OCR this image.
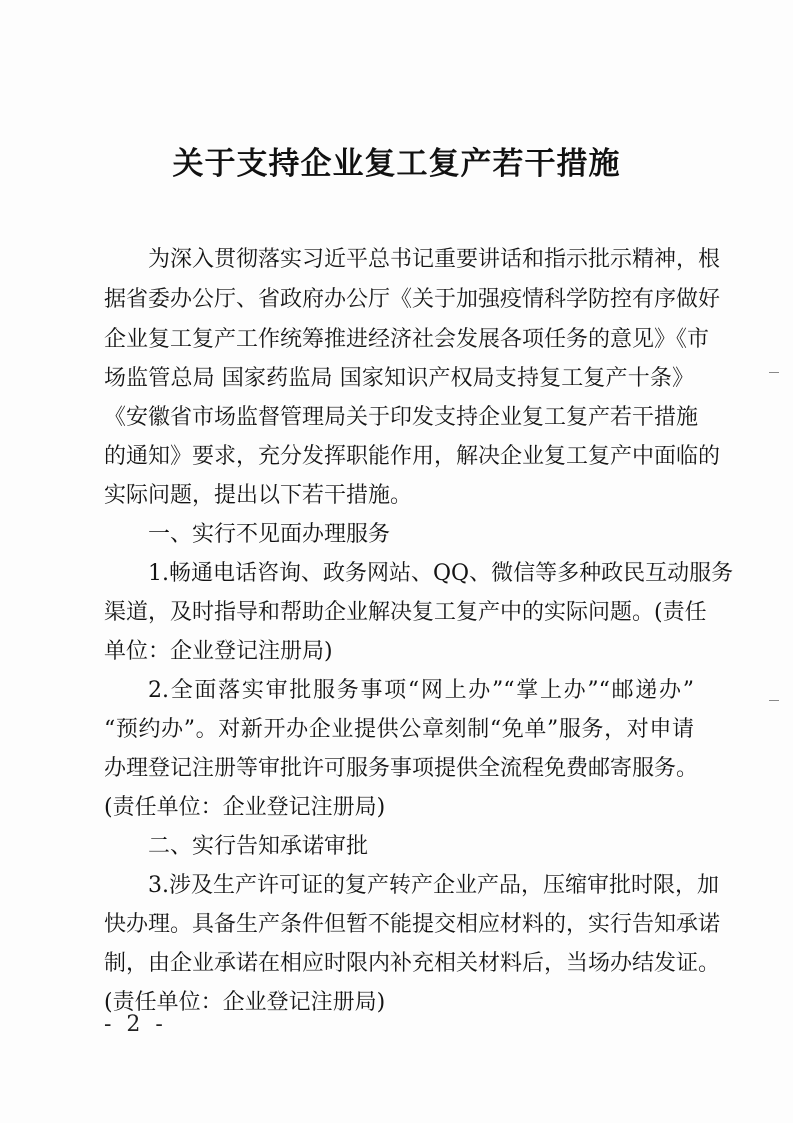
关于支持企业复工复产若干措施
为深入贯彻落实习近平总书记重要讲话和指示批示精神，根
据省委办公厅、省政府办公厅《关于加强疫情科学防控有序做好
企业复工复产工作统筹推进经济社会发展各项任务的意见》《市
场监管总局 国家药监局 国家知识产权局支持复工复产十条》
《安徽省市场监督管理局关于印发支持企业复工复产若干措施
的通知》要求，充分发挥职能作用，解决企业复工复产中面临的
实际问题，提出以下若干措施。
一、实行不见面办理服务
1.畅通电话咨询、政务网站、QQ、微信等多种政民互动服务
渠道，及时指导和帮助企业解决复工复产中的实际问题。(责任
单位：企业登记注册局)
2.全面落实审批服务事项“网上办”“掌上办”“邮递办”
“预约办”。对新开办企业提供公章刻制“免单”服务，对申请
办理登记注册等审批许可服务事项提供全流程免费邮寄服务。
(责任单位：企业登记注册局)
二、实行告知承诺审批
3.涉及生产许可证的复产转产企业产品，压缩审批时限，加
快办理。具备生产条件但暂不能提交相应材料的，实行告知承诺
制，由企业承诺在相应时限内补充相关材料后，当场办结发证。
(责任单位：企业登记注册局)
- 2 -
